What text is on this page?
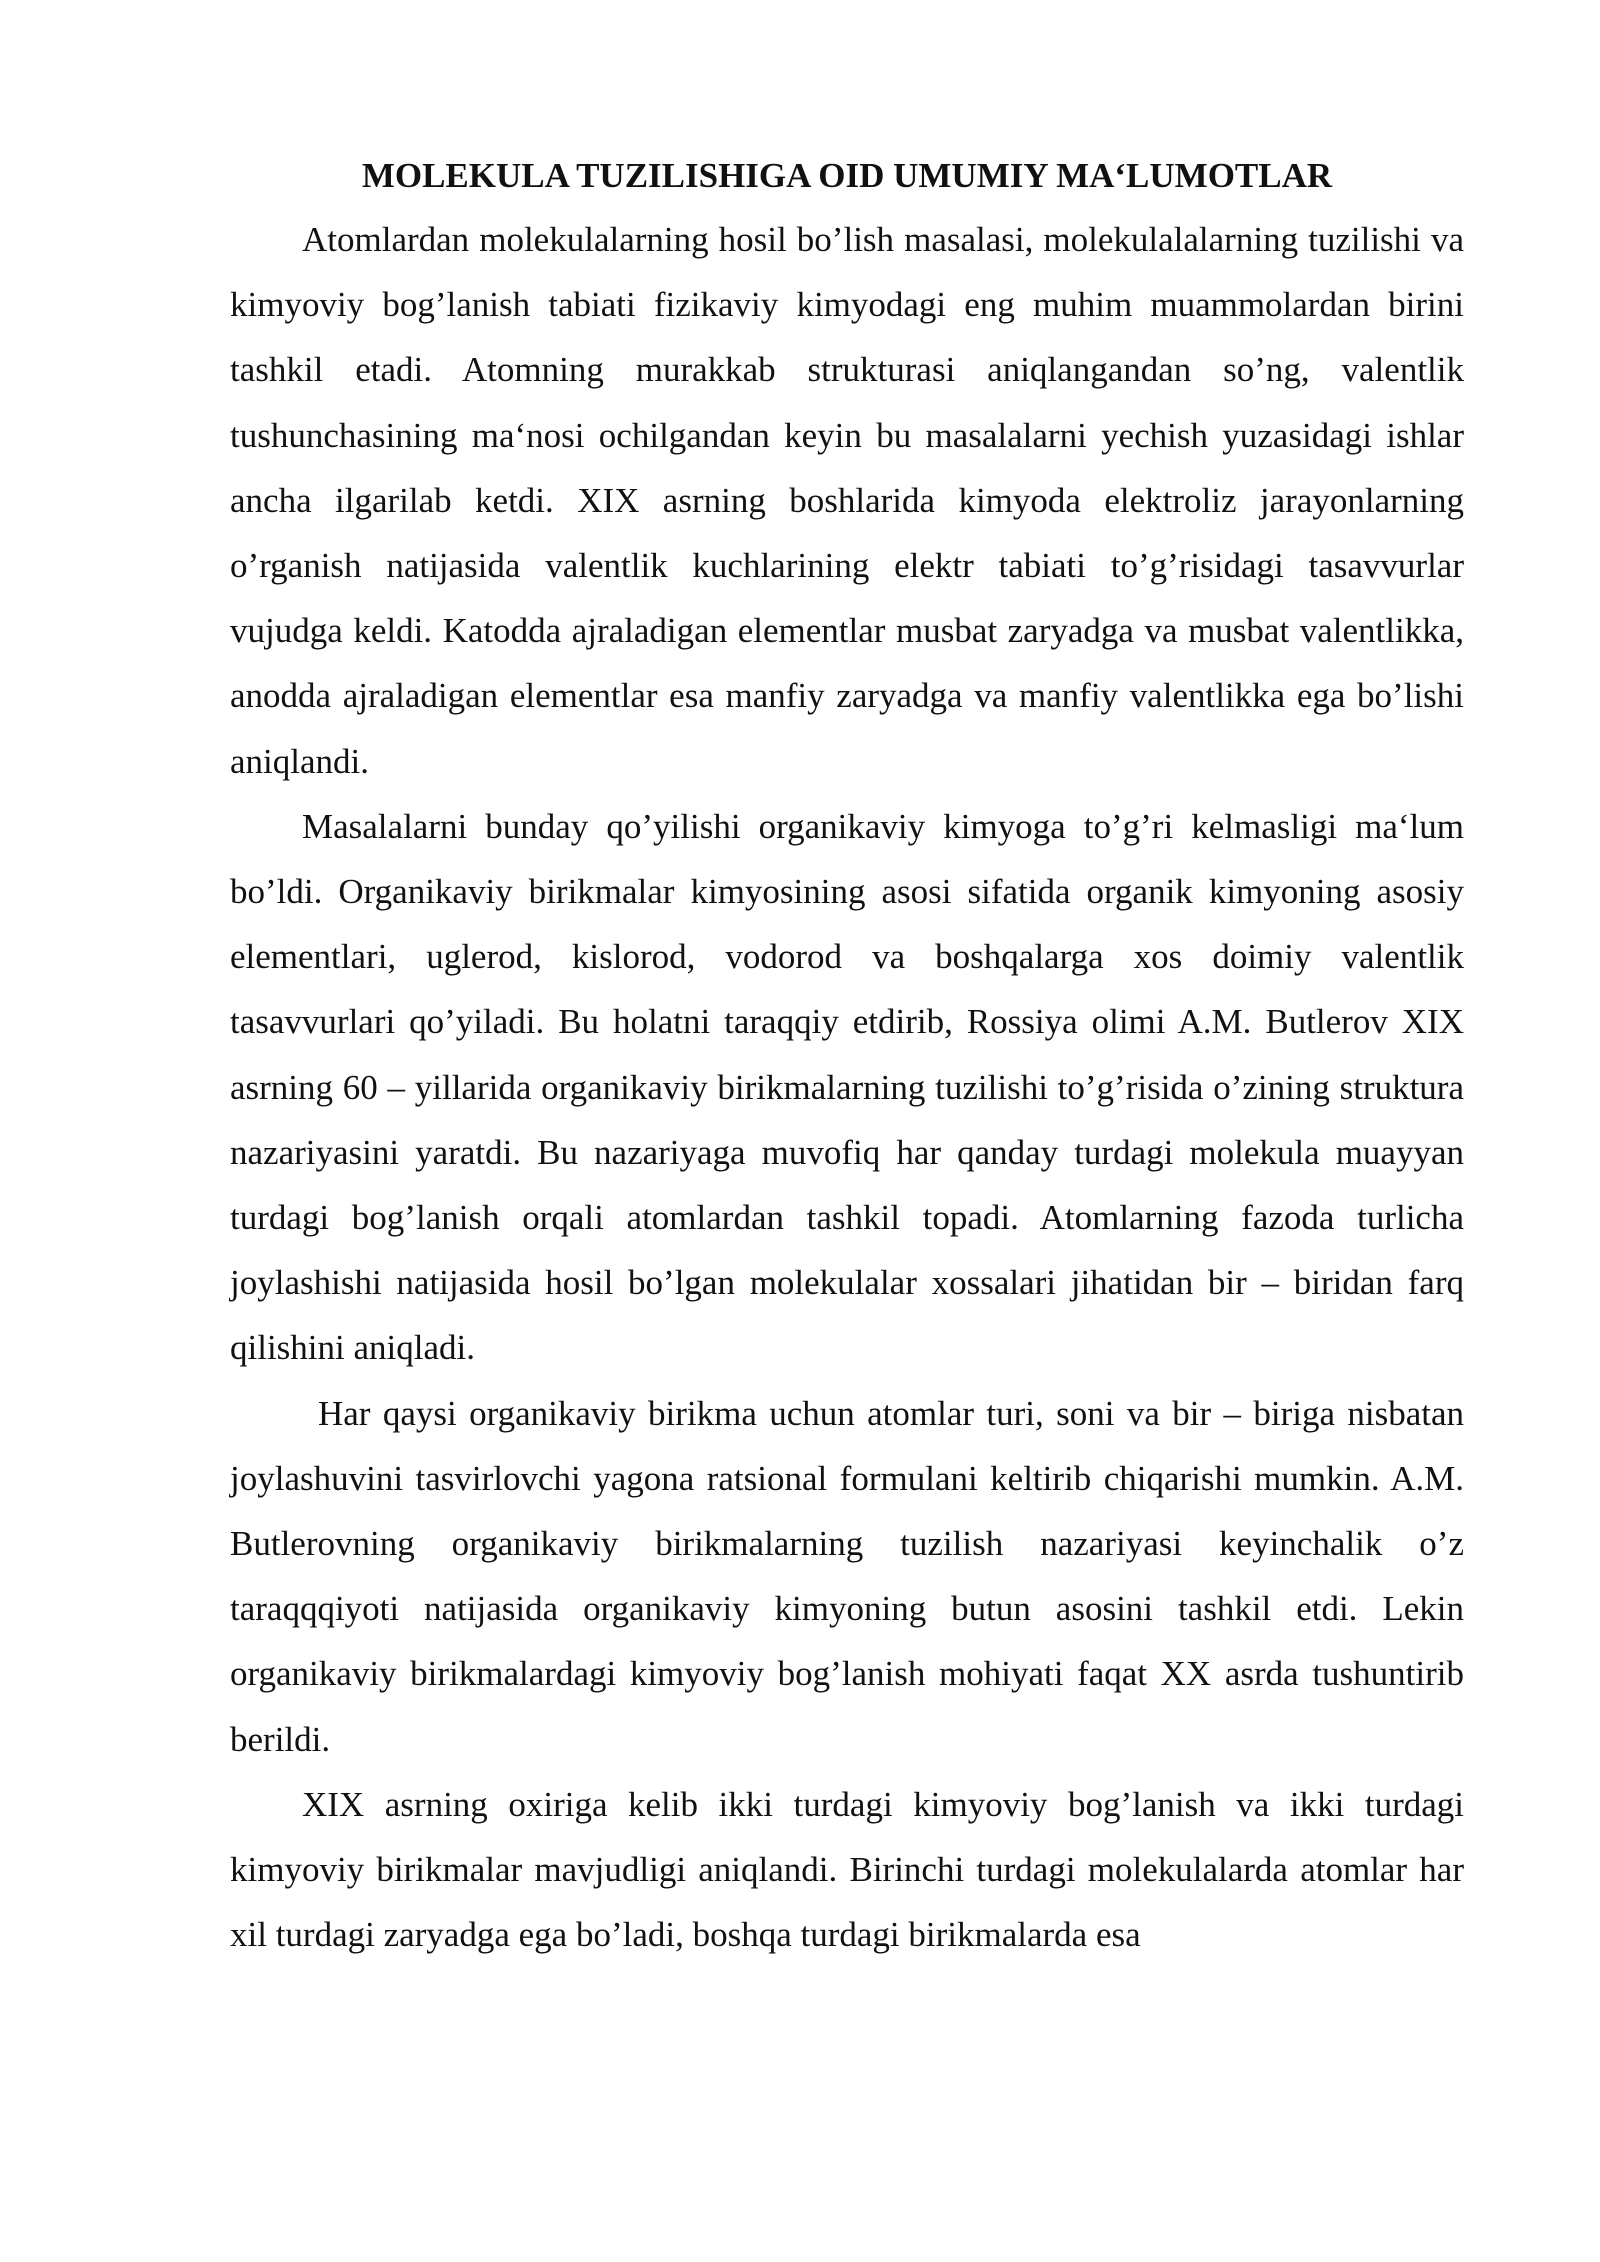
MOLEKULA TUZILISHIGA OID UMUMIY MA‘LUMOTLAR

Atomlardan molekulalarning hosil bo’lish masalasi, molekulalalarning tuzilishi va kimyoviy bog’lanish tabiati fizikaviy kimyodagi eng muhim muammolardan birini tashkil etadi. Atomning murakkab strukturasi aniqlangandan so’ng, valentlik tushunchasining ma‘nosi ochilgandan keyin bu masalalarni yechish yuzasidagi ishlar ancha ilgarilab ketdi. XIX asrning boshlarida kimyoda elektroliz jarayonlarning o’rganish natijasida valentlik kuchlarining elektr tabiati to’g’risidagi tasavvurlar vujudga keldi. Katodda ajraladigan elementlar musbat zaryadga va musbat valentlikka, anodda ajraladigan elementlar esa manfiy zaryadga va manfiy valentlikka ega bo’lishi aniqlandi.

Masalalarni bunday qo’yilishi organikaviy kimyoga to’g’ri kelmasligi ma‘lum bo’ldi. Organikaviy birikmalar kimyosining asosi sifatida organik kimyoning asosiy elementlari, uglerod, kislorod, vodorod va boshqalarga xos doimiy valentlik tasavvurlari qo’yiladi. Bu holatni taraqqiy etdirib, Rossiya olimi A.M. Butlerov XIX asrning 60 – yillarida organikaviy birikmalarning tuzilishi to’g’risida o’zining struktura nazariyasini yaratdi. Bu nazariyaga muvofiq har qanday turdagi molekula muayyan turdagi bog’lanish orqali atomlardan tashkil topadi. Atomlarning fazoda turlicha joylashishi natijasida hosil bo’lgan molekulalar xossalari jihatidan bir – biridan farq qilishini aniqladi.

Har qaysi organikaviy birikma uchun atomlar turi, soni va bir – biriga nisbatan joylashuvini tasvirlovchi yagona ratsional formulani keltirib chiqarishi mumkin. A.M. Butlerovning organikaviy birikmalarning tuzilish nazariyasi keyinchalik o’z taraqqqiyoti natijasida organikaviy kimyoning butun asosini tashkil etdi. Lekin organikaviy birikmalardagi kimyoviy bog’lanish mohiyati faqat XX asrda tushuntirib berildi.

XIX asrning oxiriga kelib ikki turdagi kimyoviy bog’lanish va ikki turdagi kimyoviy birikmalar mavjudligi aniqlandi. Birinchi turdagi molekulalarda atomlar har xil turdagi zaryadga ega bo’ladi, boshqa turdagi birikmalarda esa
